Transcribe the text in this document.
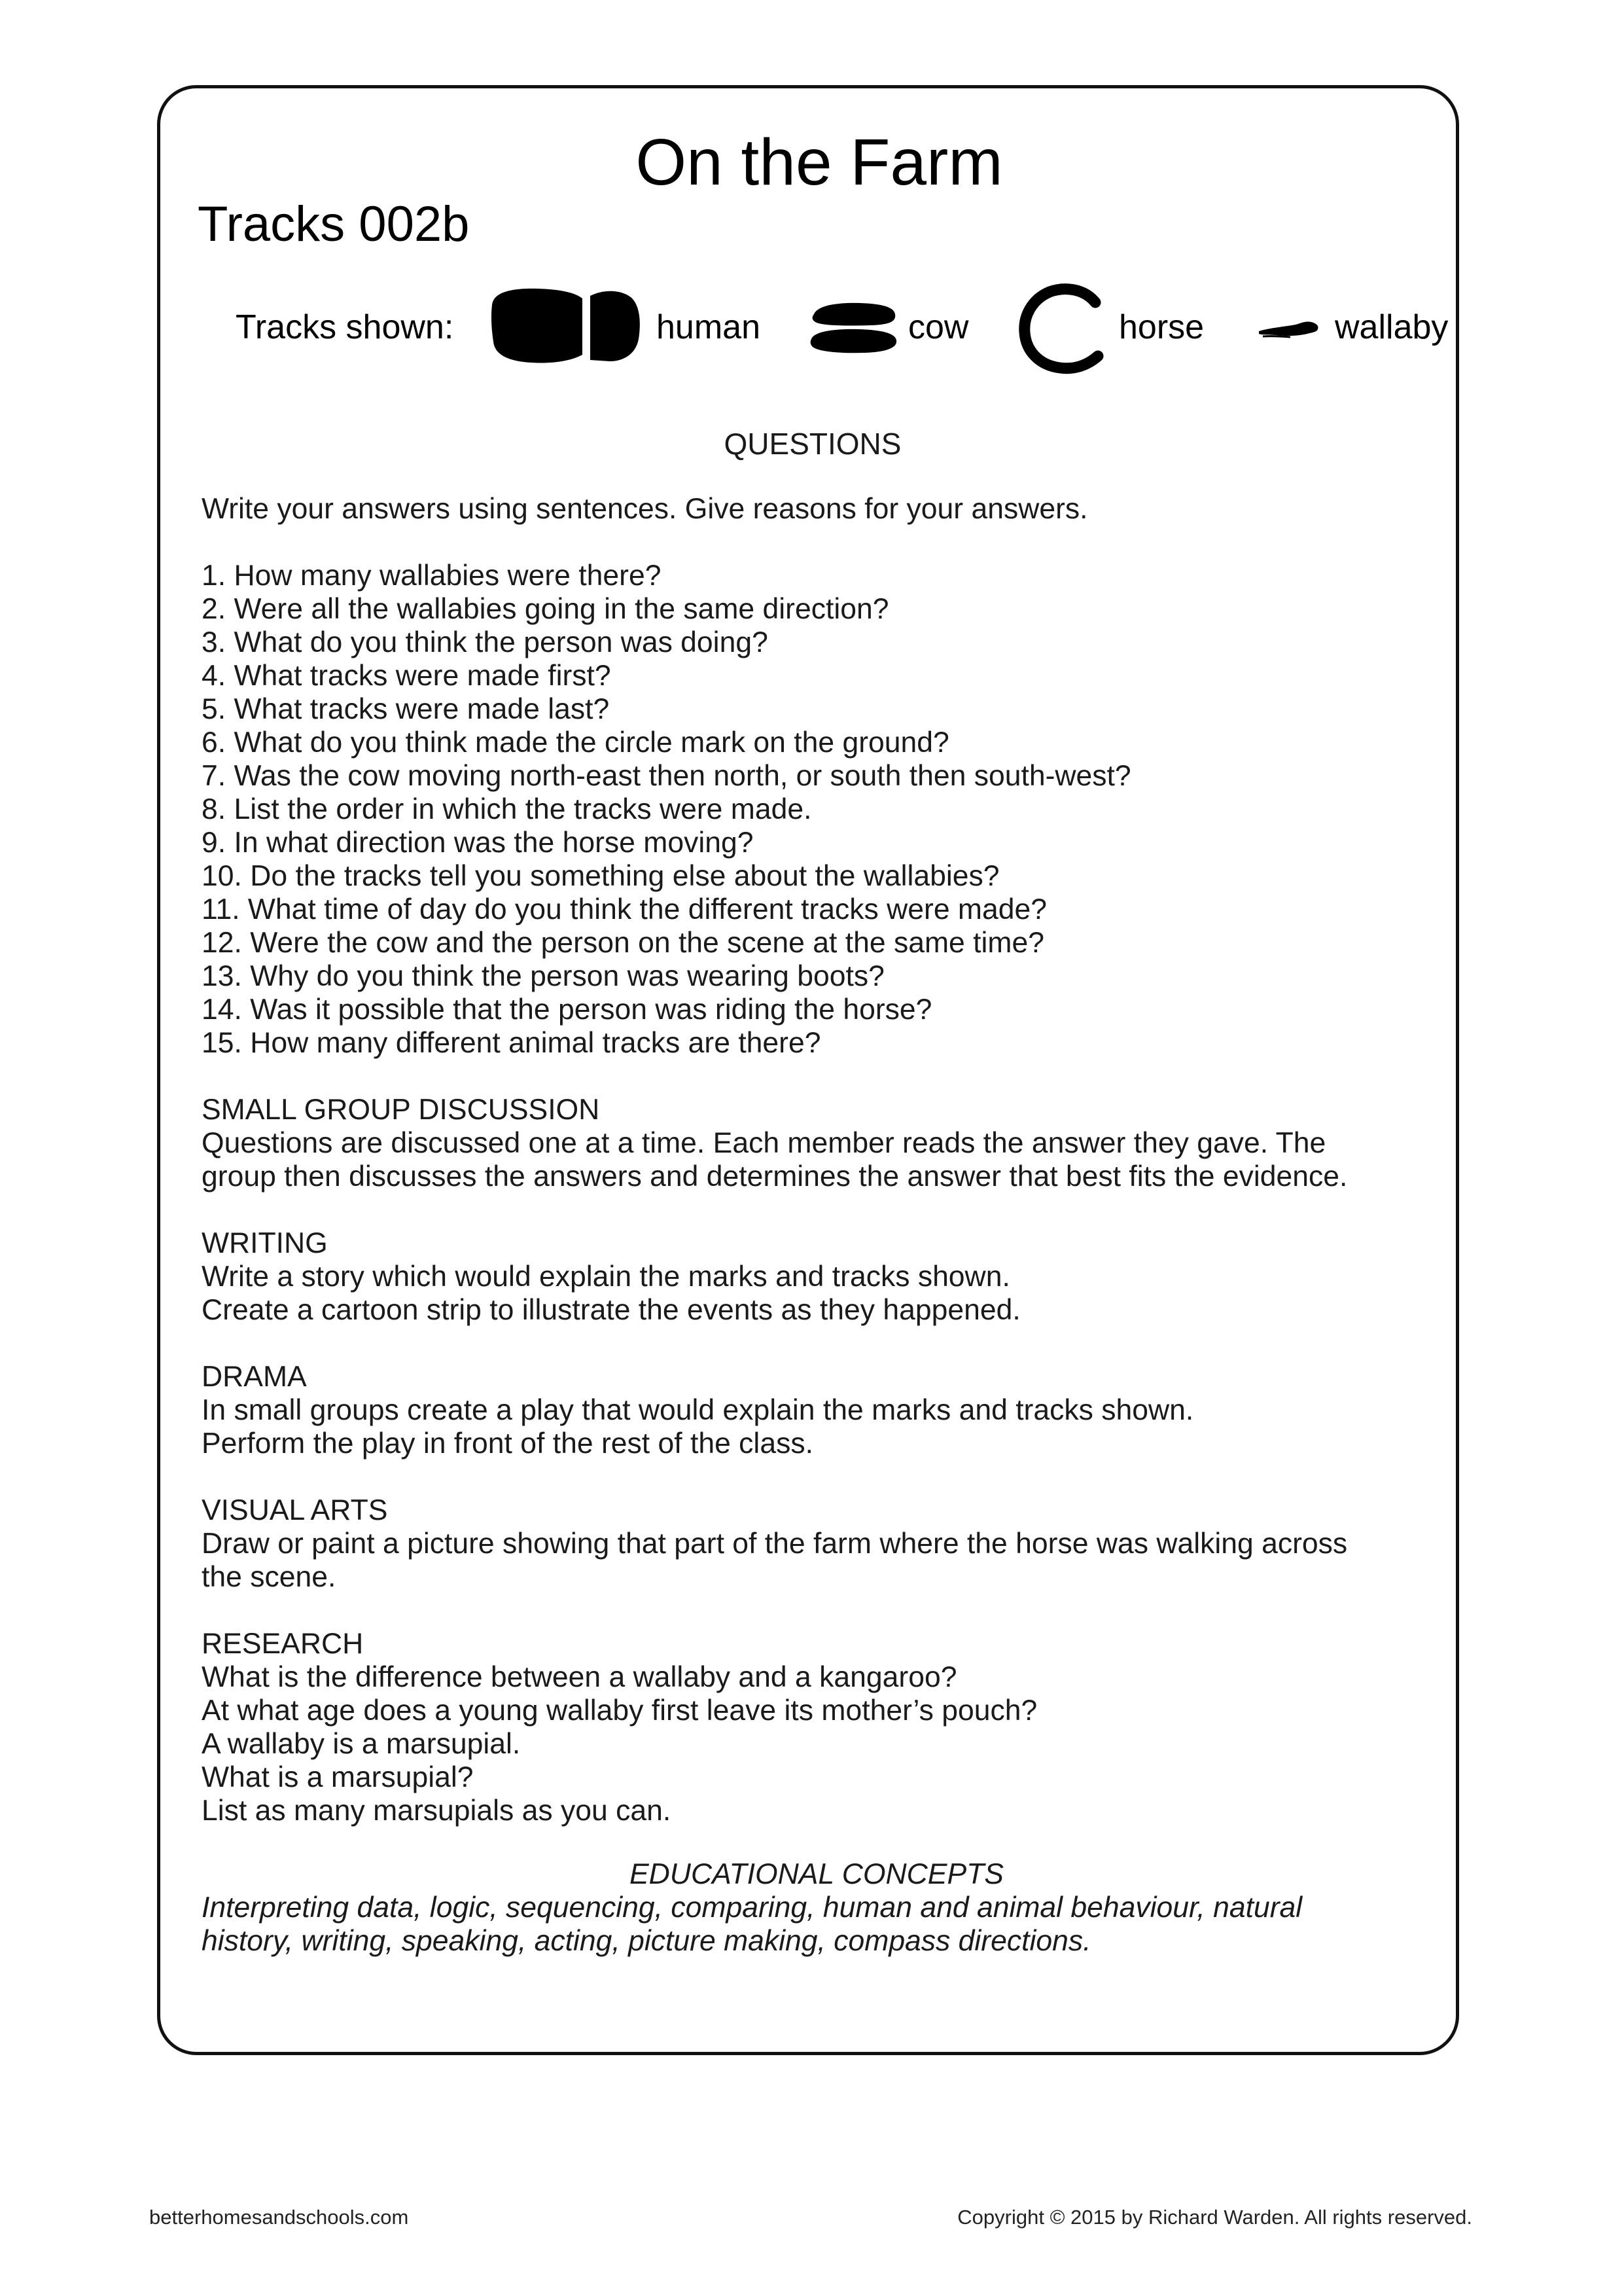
On the Farm
Tracks 002b
Tracks shown:	human	cow	horse	wallaby
QUESTIONS
Write your answers using sentences. Give reasons for your answers.
1. How many wallabies were there?
2. Were all the wallabies going in the same direction?
3. What do you think the person was doing?
4. What tracks were made first?
5. What tracks were made last?
6. What do you think made the circle mark on the ground?
7. Was the cow moving north-east then north, or south then south-west?
8. List the order in which the tracks were made.
9. In what direction was the horse moving?
10. Do the tracks tell you something else about the wallabies?
11. What time of day do you think the different tracks were made?
12. Were the cow and the person on the scene at the same time?
13. Why do you think the person was wearing boots?
14. Was it possible that the person was riding the horse?
15. How many different animal tracks are there?
SMALL GROUP DISCUSSION
Questions are discussed one at a time. Each member reads the answer they gave. The
group then discusses the answers and determines the answer that best fits the evidence.
WRITING
Write a story which would explain the marks and tracks shown.
Create a cartoon strip to illustrate the events as they happened.
DRAMA
In small groups create a play that would explain the marks and tracks shown.
Perform the play in front of the rest of the class.
VISUAL ARTS
Draw or paint a picture showing that part of the farm where the horse was walking across
the scene.
RESEARCH
What is the difference between a wallaby and a kangaroo?
At what age does a young wallaby first leave its mother’s pouch?
A wallaby is a marsupial.
What is a marsupial?
List as many marsupials as you can.
EDUCATIONAL CONCEPTS
Interpreting data, logic, sequencing, comparing, human and animal behaviour, natural
history, writing, speaking, acting, picture making, compass directions.
betterhomesandschools.com	Copyright © 2015 by Richard Warden. All rights reserved.
